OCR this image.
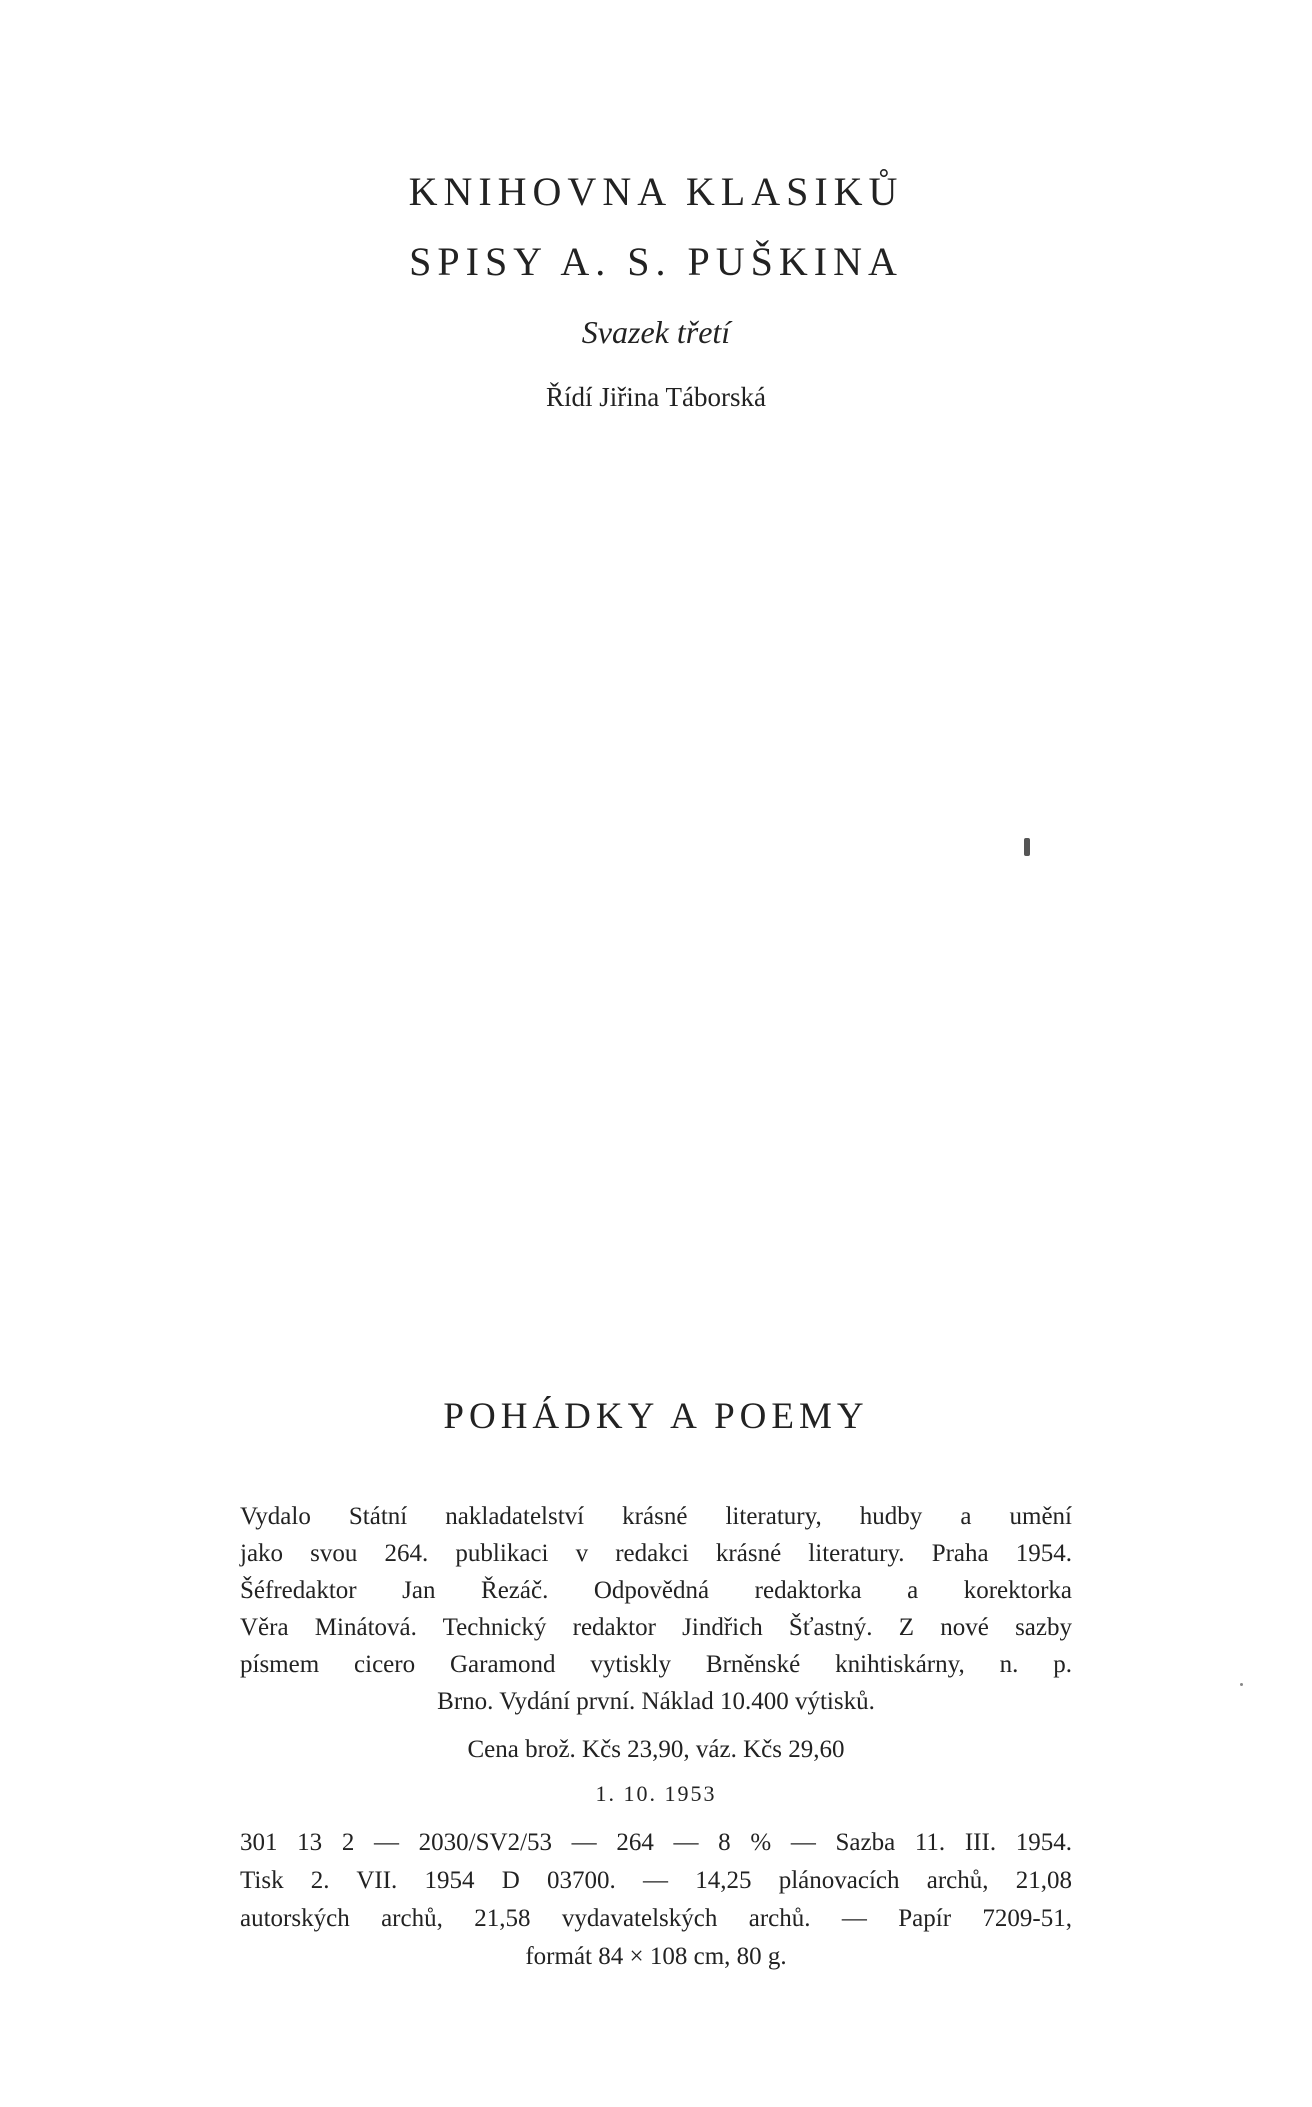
KNIHOVNA KLASIKŮ
SPISY A. S. PUŠKINA
Svazek třetí
Řídí Jiřina Táborská
POHÁDKY A POEMY
Vydalo Státní nakladatelství krásné literatury, hudby a umění
jako svou 264. publikaci v redakci krásné literatury. Praha 1954.
Šéfredaktor Jan Řezáč. Odpovědná redaktorka a korektorka
Věra Minátová. Technický redaktor Jindřich Šťastný. Z nové sazby
písmem cicero Garamond vytiskly Brněnské knihtiskárny, n. p.
Brno. Vydání první. Náklad 10.400 výtisků.
Cena brož. Kčs 23,90, váz. Kčs 29,60
1. 10. 1953
301 13 2 — 2030/SV2/53 — 264 — 8 % — Sazba 11. III. 1954.
Tisk 2. VII. 1954 D 03700. — 14,25 plánovacích archů, 21,08
autorských archů, 21,58 vydavatelských archů. — Papír 7209-51,
formát 84 × 108 cm, 80 g.
